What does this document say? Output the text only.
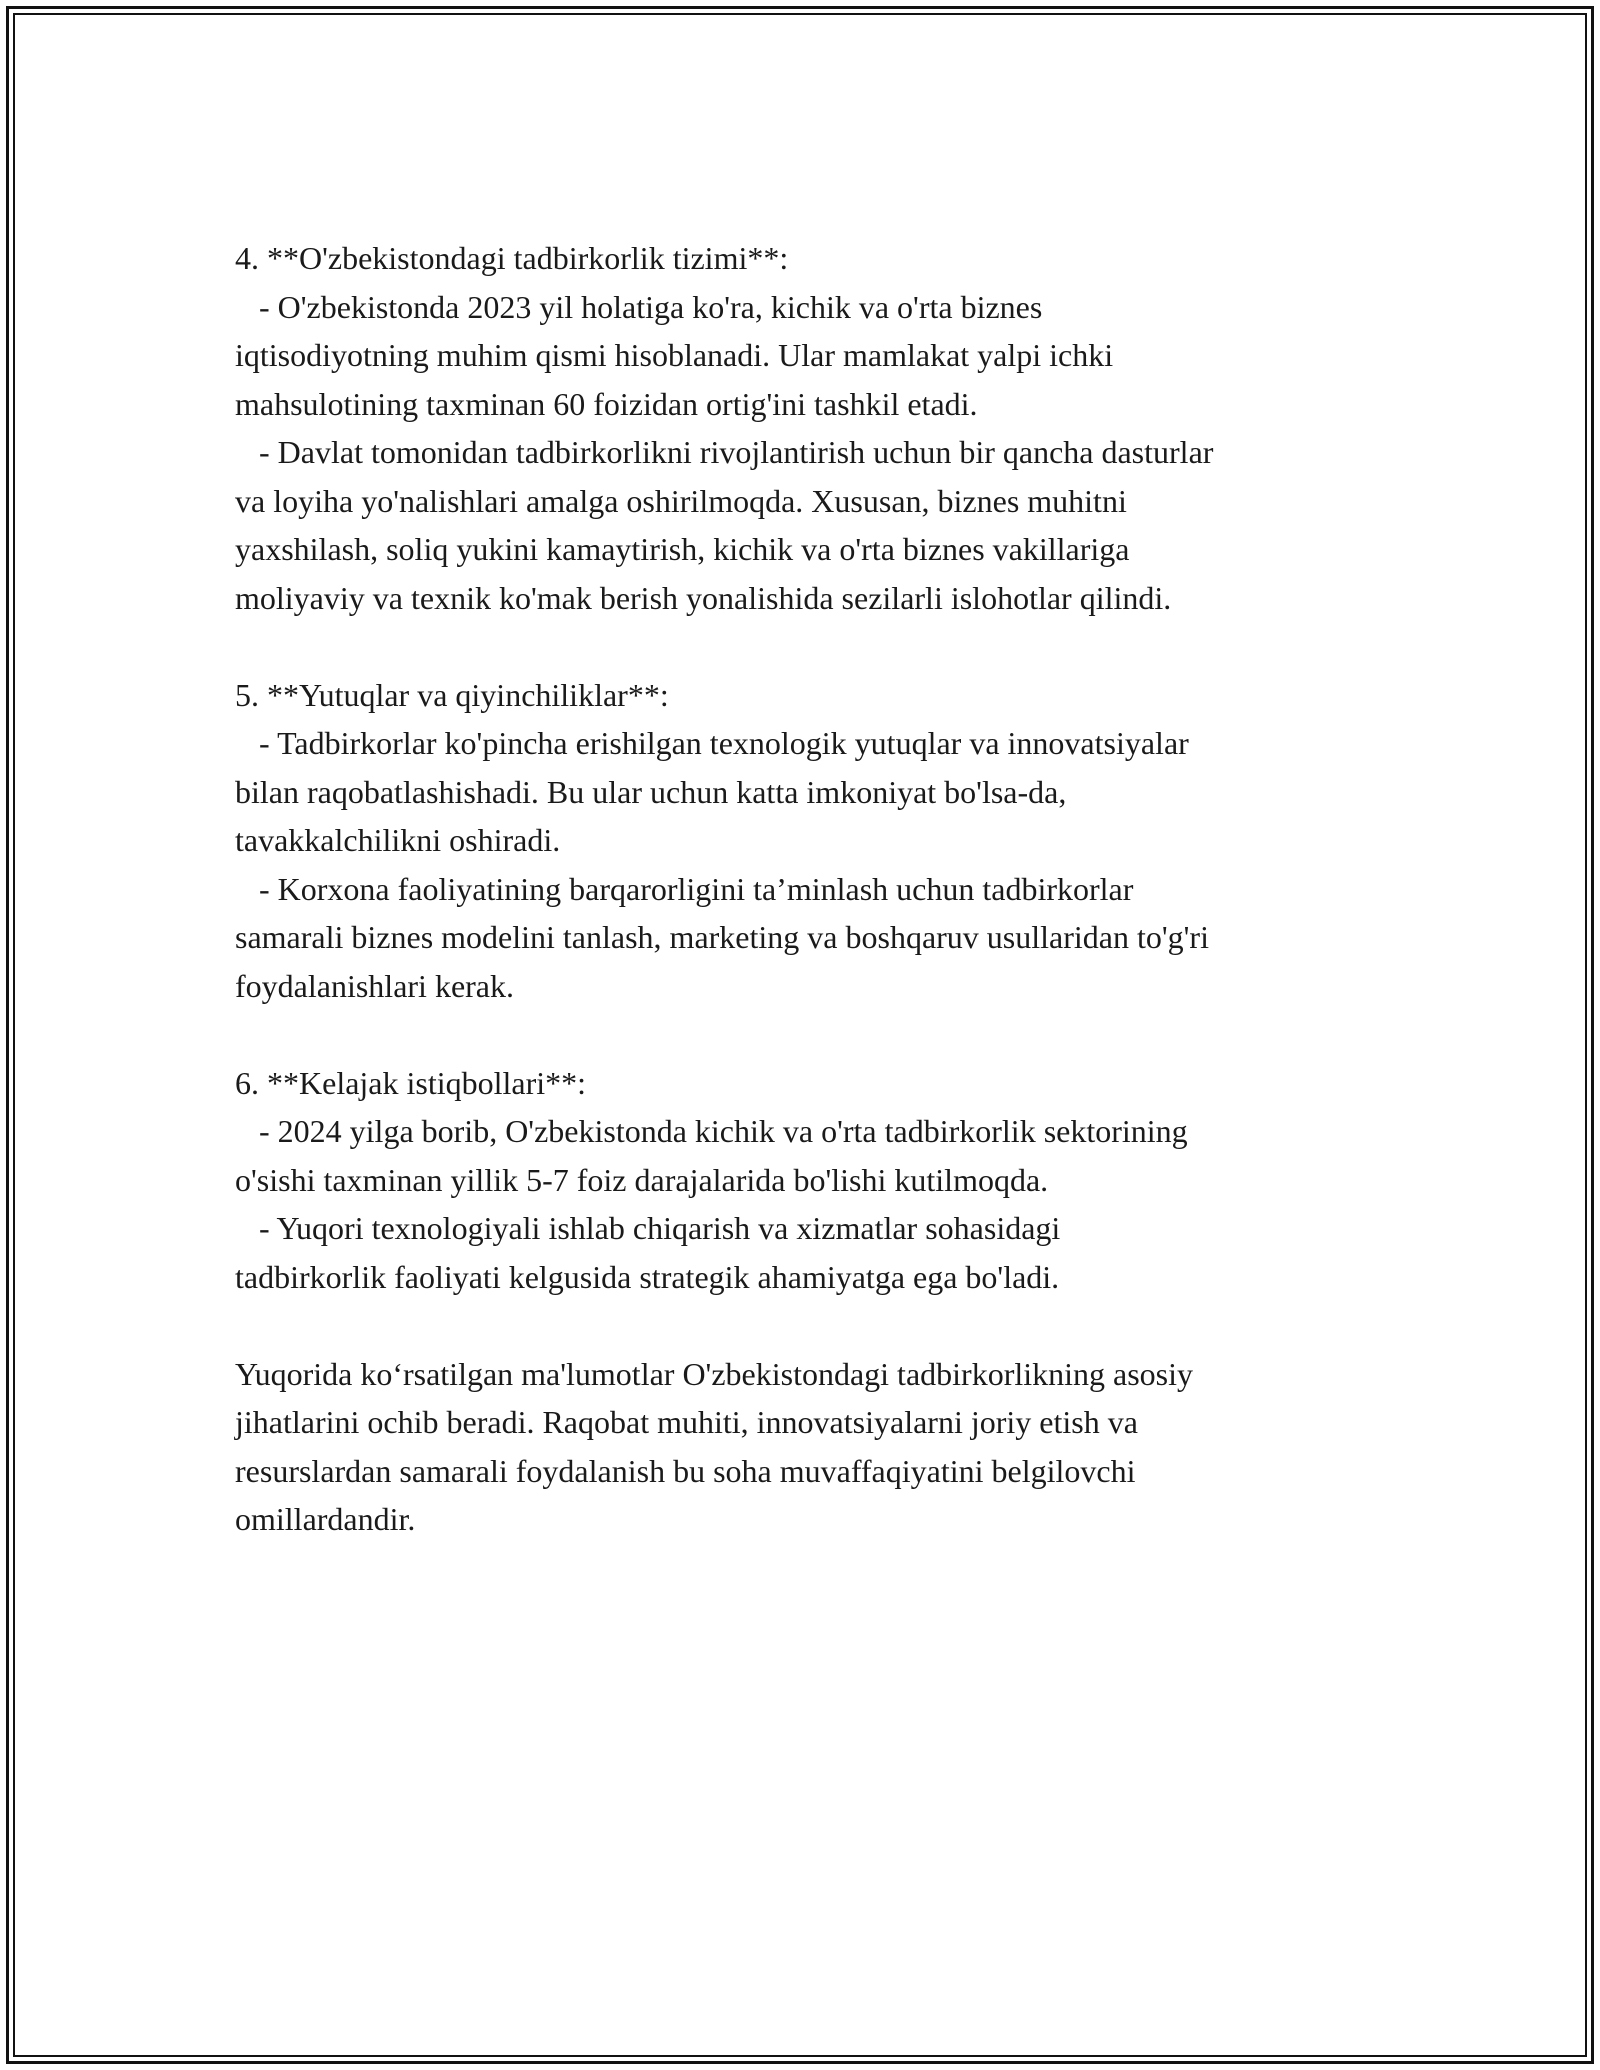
4. **O'zbekistondagi tadbirkorlik tizimi**:
- O'zbekistonda 2023 yil holatiga ko'ra, kichik va o'rta biznes
iqtisodiyotning muhim qismi hisoblanadi. Ular mamlakat yalpi ichki
mahsulotining taxminan 60 foizidan ortig'ini tashkil etadi.
- Davlat tomonidan tadbirkorlikni rivojlantirish uchun bir qancha dasturlar
va loyiha yo'nalishlari amalga oshirilmoqda. Xususan, biznes muhitni
yaxshilash, soliq yukini kamaytirish, kichik va o'rta biznes vakillariga
moliyaviy va texnik ko'mak berish yonalishida sezilarli islohotlar qilindi.
5. **Yutuqlar va qiyinchiliklar**:
- Tadbirkorlar ko'pincha erishilgan texnologik yutuqlar va innovatsiyalar
bilan raqobatlashishadi. Bu ular uchun katta imkoniyat bo'lsa-da,
tavakkalchilikni oshiradi.
- Korxona faoliyatining barqarorligini ta’minlash uchun tadbirkorlar
samarali biznes modelini tanlash, marketing va boshqaruv usullaridan to'g'ri
foydalanishlari kerak.
6. **Kelajak istiqbollari**:
- 2024 yilga borib, O'zbekistonda kichik va o'rta tadbirkorlik sektorining
o'sishi taxminan yillik 5-7 foiz darajalarida bo'lishi kutilmoqda.
- Yuqori texnologiyali ishlab chiqarish va xizmatlar sohasidagi
tadbirkorlik faoliyati kelgusida strategik ahamiyatga ega bo'ladi.
Yuqorida ko‘rsatilgan ma'lumotlar O'zbekistondagi tadbirkorlikning asosiy
jihatlarini ochib beradi. Raqobat muhiti, innovatsiyalarni joriy etish va
resurslardan samarali foydalanish bu soha muvaffaqiyatini belgilovchi
omillardandir.
